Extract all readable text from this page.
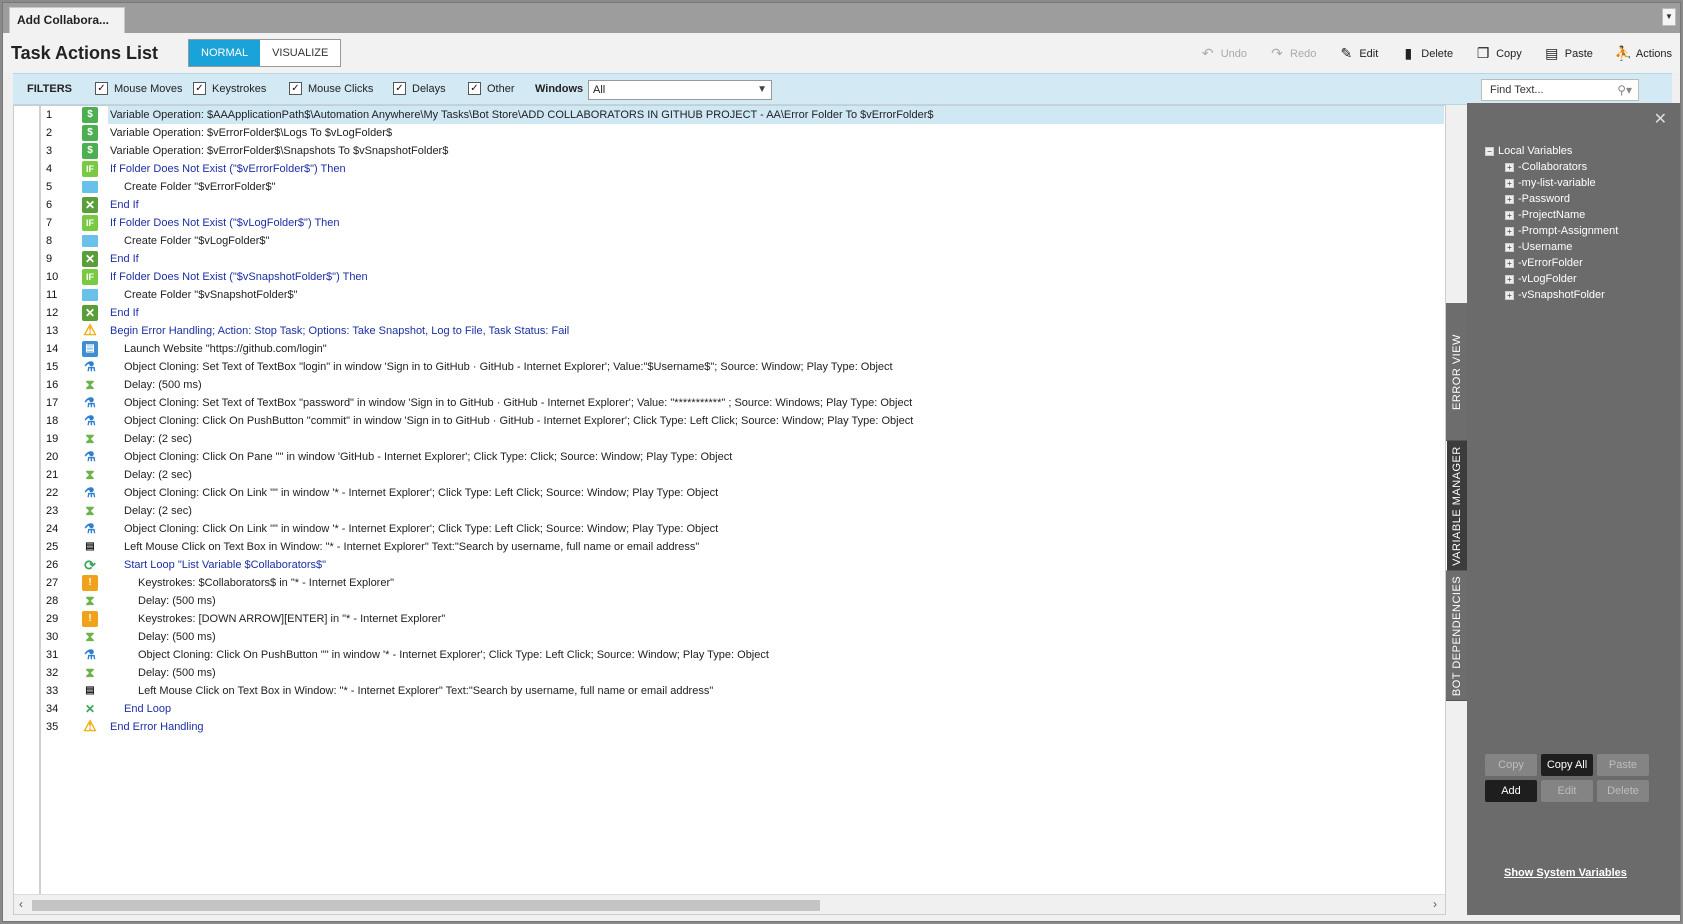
Add Collabora...	▼
Task Actions List	NORMAL	VISUALIZE	↶ Undo ↷ Redo ✎ Edit ▮ Delete ❐ Copy ▤ Paste ⛹ Actions
FILTERS	✓ Mouse Moves ✓ Keystrokes ✓ Mouse Clicks ✓ Delays ✓ Other Windows All	▼	Find Text...	⚲▾
1	$	Variable Operation: $AAApplicationPath$\Automation Anywhere\My Tasks\Bot Store\ADD COLLABORATORS IN GITHUB PROJECT - AA\Error Folder To $vErrorFolder$
2	$	Variable Operation: $vErrorFolder$\Logs To $vLogFolder$
3	$	Variable Operation: $vErrorFolder$\Snapshots To $vSnapshotFolder$
4	IF	If Folder Does Not Exist ("$vErrorFolder$") Then
5	Create Folder "$vErrorFolder$"
6	✕ End If
7	IF	If Folder Does Not Exist ("$vLogFolder$") Then
8	Create Folder "$vLogFolder$"
9	✕ End If
10	IF	If Folder Does Not Exist ("$vSnapshotFolder$") Then
11	Create Folder "$vSnapshotFolder$"
12	✕ End If
13	⚠ Begin Error Handling; Action: Stop Task; Options: Take Snapshot, Log to File, Task Status: Fail
14	▤	Launch Website "https://github.com/login"
15	⚗	Object Cloning: Set Text of TextBox "login" in window 'Sign in to GitHub · GitHub - Internet Explorer'; Value:"$Username$"; Source: Window; Play Type: Object
16	⧗	Delay: (500 ms)
17	⚗	Object Cloning: Set Text of TextBox "password" in window 'Sign in to GitHub · GitHub - Internet Explorer'; Value: "***********" ; Source: Windows; Play Type: Object
18	⚗	Object Cloning: Click On PushButton "commit" in window 'Sign in to GitHub · GitHub - Internet Explorer'; Click Type: Left Click; Source: Window; Play Type: Object
19	⧗	Delay: (2 sec)
20	⚗	Object Cloning: Click On Pane "" in window 'GitHub - Internet Explorer'; Click Type: Click; Source: Window; Play Type: Object
21	⧗	Delay: (2 sec)
22	⚗	Object Cloning: Click On Link "" in window '* - Internet Explorer'; Click Type: Left Click; Source: Window; Play Type: Object
23	⧗	Delay: (2 sec)
24	⚗	Object Cloning: Click On Link "" in window '* - Internet Explorer'; Click Type: Left Click; Source: Window; Play Type: Object
25	▤	Left Mouse Click on Text Box in Window: "* - Internet Explorer" Text:"Search by username, full name or email address"
26	⟳	Start Loop "List Variable $Collaborators$"
27	!	Keystrokes: $Collaborators$ in "* - Internet Explorer"
28	⧗	Delay: (500 ms)
29	!	Keystrokes: [DOWN ARROW][ENTER] in "* - Internet Explorer"
30	⧗	Delay: (500 ms)
31	⚗	Object Cloning: Click On PushButton "" in window '* - Internet Explorer'; Click Type: Left Click; Source: Window; Play Type: Object
32	⧗	Delay: (500 ms)
33	▤	Left Mouse Click on Text Box in Window: "* - Internet Explorer" Text:"Search by username, full name or email address"
34	✕	End Loop
35	⚠ End Error Handling
‹	›
ERROR VIEW
VARIABLE MANAGER
BOT DEPENDENCIES
✕
− Local Variables
+ - Collaborators
+ - my-list-variable
+ - Password
+ - ProjectName
+ - Prompt-Assignment
+ - Username
+ - vErrorFolder
+ - vLogFolder
+ - vSnapshotFolder
Copy	Copy All	Paste
Add	Edit	Delete
Show System Variables
